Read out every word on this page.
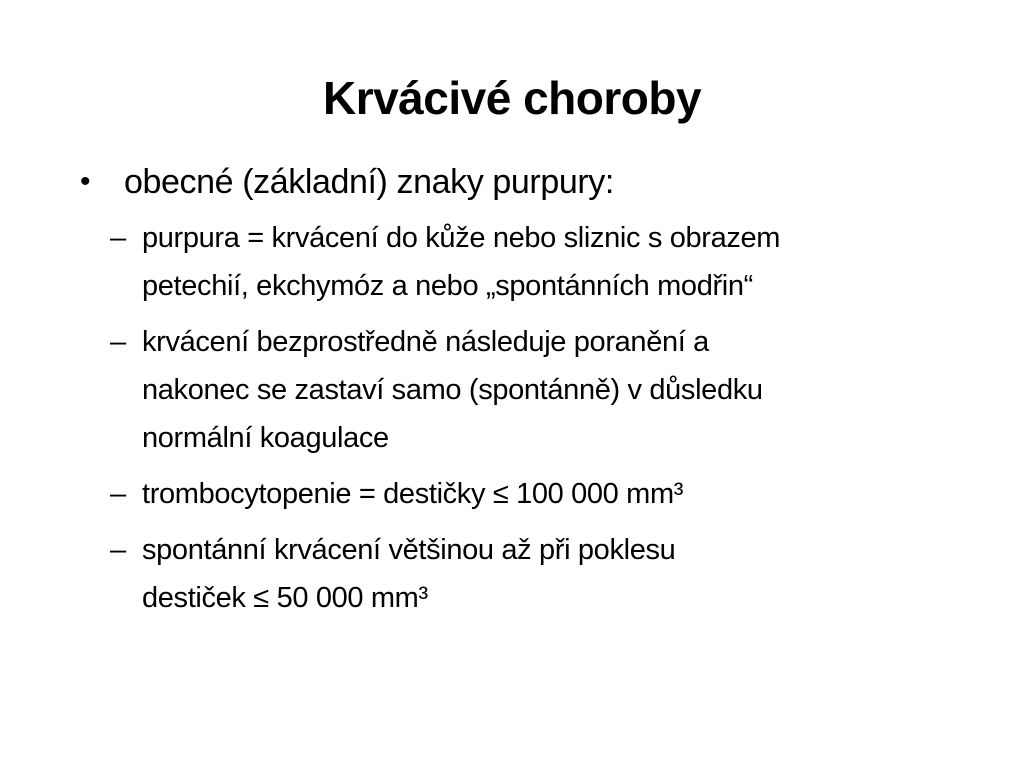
Krvácivé choroby
• obecné (základní) znaky purpury:
– purpura = krvácení do kůže nebo sliznic s obrazem
petechií, ekchymóz a nebo „spontánních modřin“
– krvácení bezprostředně následuje poranění a
nakonec se zastaví samo (spontánně) v důsledku
normální koagulace
– trombocytopenie = destičky ≤ 100 000 mm³
– spontánní krvácení většinou až při poklesu
destiček ≤ 50 000 mm³
